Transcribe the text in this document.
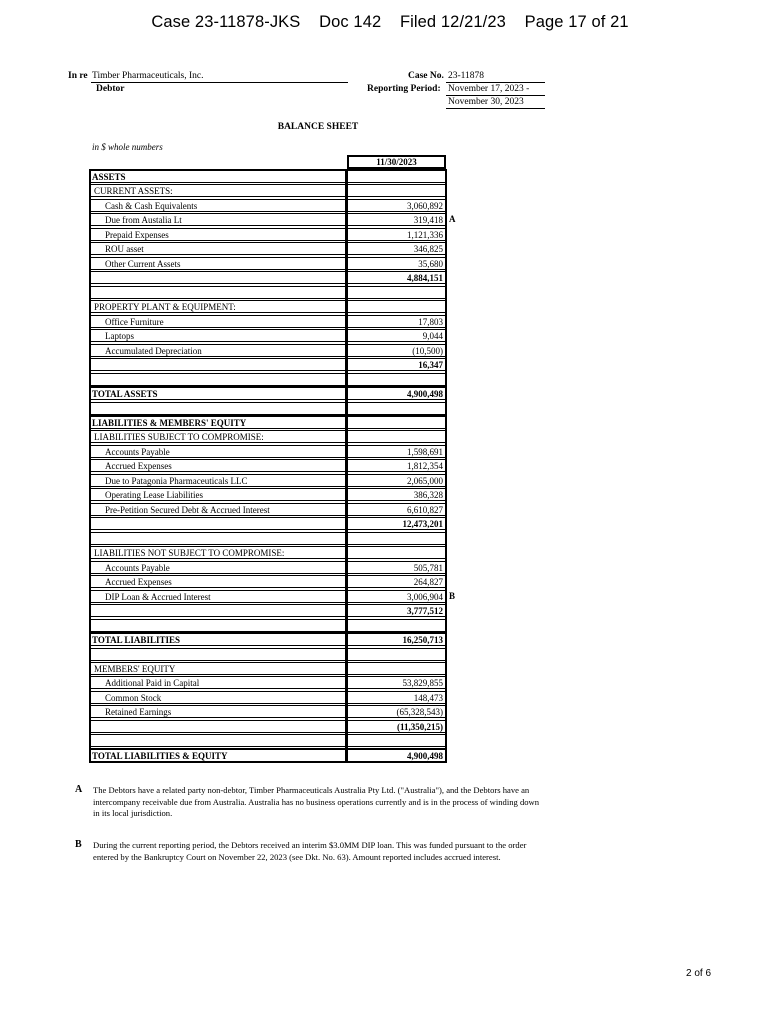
Case 23-11878-JKS Doc 142 Filed 12/21/23 Page 17 of 21
In re Timber Pharmaceuticals, Inc.
Debtor
Case No. 23-11878
Reporting Period: November 17, 2023 -
November 30, 2023
BALANCE SHEET
in $ whole numbers
11/30/2023
ASSETS
CURRENT ASSETS:
Cash & Cash Equivalents	3,060,892
Due from Austalia Lt	319,418 A
Prepaid Expenses	1,121,336
ROU asset	346,825
Other Current Assets	35,680
4,884,151
PROPERTY PLANT & EQUIPMENT:
Office Furniture	17,803
Laptops	9,044
Accumulated Depreciation	(10,500)
16,347
TOTAL ASSETS	4,900,498
LIABILITIES & MEMBERS' EQUITY
LIABILITIES SUBJECT TO COMPROMISE:
Accounts Payable	1,598,691
Accrued Expenses	1,812,354
Due to Patagonia Pharmaceuticals LLC	2,065,000
Operating Lease Liabilities	386,328
Pre-Petition Secured Debt & Accrued Interest	6,610,827
12,473,201
LIABILITIES NOT SUBJECT TO COMPROMISE:
Accounts Payable	505,781
Accrued Expenses	264,827
DIP Loan & Accrued Interest	3,006,904 B
3,777,512
TOTAL LIABILITIES	16,250,713
MEMBERS' EQUITY
Additional Paid in Capital	53,829,855
Common Stock	148,473
Retained Earnings	(65,328,543)
(11,350,215)
TOTAL LIABILITIES & EQUITY	4,900,498
A The Debtors have a related party non-debtor, Timber Pharmaceuticals Australia Pty Ltd. ("Australia"), and the Debtors have an intercompany receivable due from Australia. Australia has no business operations currently and is in the process of winding down in its local jurisdiction.
B During the current reporting period, the Debtors received an interim $3.0MM DIP loan. This was funded pursuant to the order entered by the Bankruptcy Court on November 22, 2023 (see Dkt. No. 63). Amount reported includes accrued interest.
2 of 6
